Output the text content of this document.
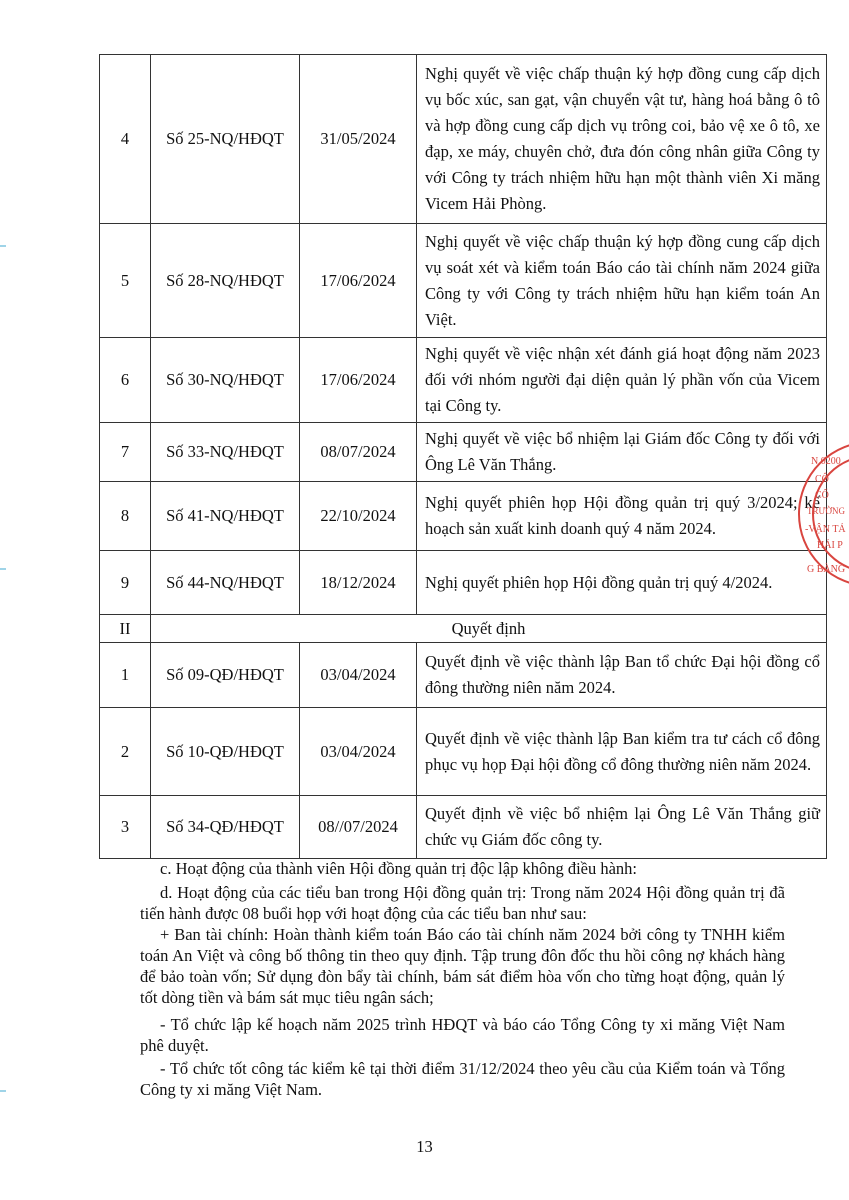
4	Số 25-NQ/HĐQT	31/05/2024	Nghị quyết về việc chấp thuận ký hợp đồng cung cấp dịch vụ bốc xúc, san gạt, vận chuyển vật tư, hàng hoá bằng ô tô và hợp đồng cung cấp dịch vụ trông coi, bảo vệ xe ô tô, xe đạp, xe máy, chuyên chở, đưa đón công nhân giữa Công ty với Công ty trách nhiệm hữu hạn một thành viên Xi măng Vicem Hải Phòng.
5	Số 28-NQ/HĐQT	17/06/2024	Nghị quyết về việc chấp thuận ký hợp đồng cung cấp dịch vụ soát xét và kiểm toán Báo cáo tài chính năm 2024 giữa Công ty với Công ty trách nhiệm hữu hạn kiểm toán An Việt.
6	Số 30-NQ/HĐQT	17/06/2024	Nghị quyết về việc nhận xét đánh giá hoạt động năm 2023 đối với nhóm người đại diện quản lý phần vốn của Vicem tại Công ty.
7	Số 33-NQ/HĐQT	08/07/2024	Nghị quyết về việc bổ nhiệm lại Giám đốc Công ty đối với Ông Lê Văn Thắng.
8	Số 41-NQ/HĐQT	22/10/2024	Nghị quyết phiên họp Hội đồng quản trị quý 3/2024; kế hoạch sản xuất kinh doanh quý 4 năm 2024.
9	Số 44-NQ/HĐQT	18/12/2024	Nghị quyết phiên họp Hội đồng quản trị quý 4/2024.
II	Quyết định		
1	Số 09-QĐ/HĐQT	03/04/2024	Quyết định về việc thành lập Ban tổ chức Đại hội đồng cổ đông thường niên năm 2024.
2	Số 10-QĐ/HĐQT	03/04/2024	Quyết định về việc thành lập Ban kiểm tra tư cách cổ đông phục vụ họp Đại hội đồng cổ đông thường niên năm 2024.
3	Số 34-QĐ/HĐQT	08//07/2024	Quyết định về việc bổ nhiệm lại Ông Lê Văn Thắng giữ chức vụ Giám đốc công ty.
c. Hoạt động của thành viên Hội đồng quản trị độc lập không điều hành:
d. Hoạt động của các tiểu ban trong Hội đồng quản trị: Trong năm 2024 Hội đồng quản trị đã tiến hành được 08 buổi họp với hoạt động của các tiểu ban như sau:
+ Ban tài chính: Hoàn thành kiểm toán Báo cáo tài chính năm 2024 bởi công ty TNHH kiểm toán An Việt và công bố thông tin theo quy định. Tập trung đôn đốc thu hồi công nợ khách hàng để bảo toàn vốn; Sử dụng đòn bẩy tài chính, bám sát điểm hòa vốn cho từng hoạt động, quản lý tốt dòng tiền và bám sát mục tiêu ngân sách;
- Tổ chức lập kế hoạch năm 2025 trình HĐQT và báo cáo Tổng Công ty xi măng Việt Nam phê duyệt.
- Tổ chức tốt công tác kiểm kê tại thời điểm 31/12/2024 theo yêu cầu của Kiểm toán và Tổng Công ty xi măng Việt Nam.
13
N.0200
CÔ
CỔ
TRƯỜNG
-VẬN TẢ
HẢI P
G BÀNG
